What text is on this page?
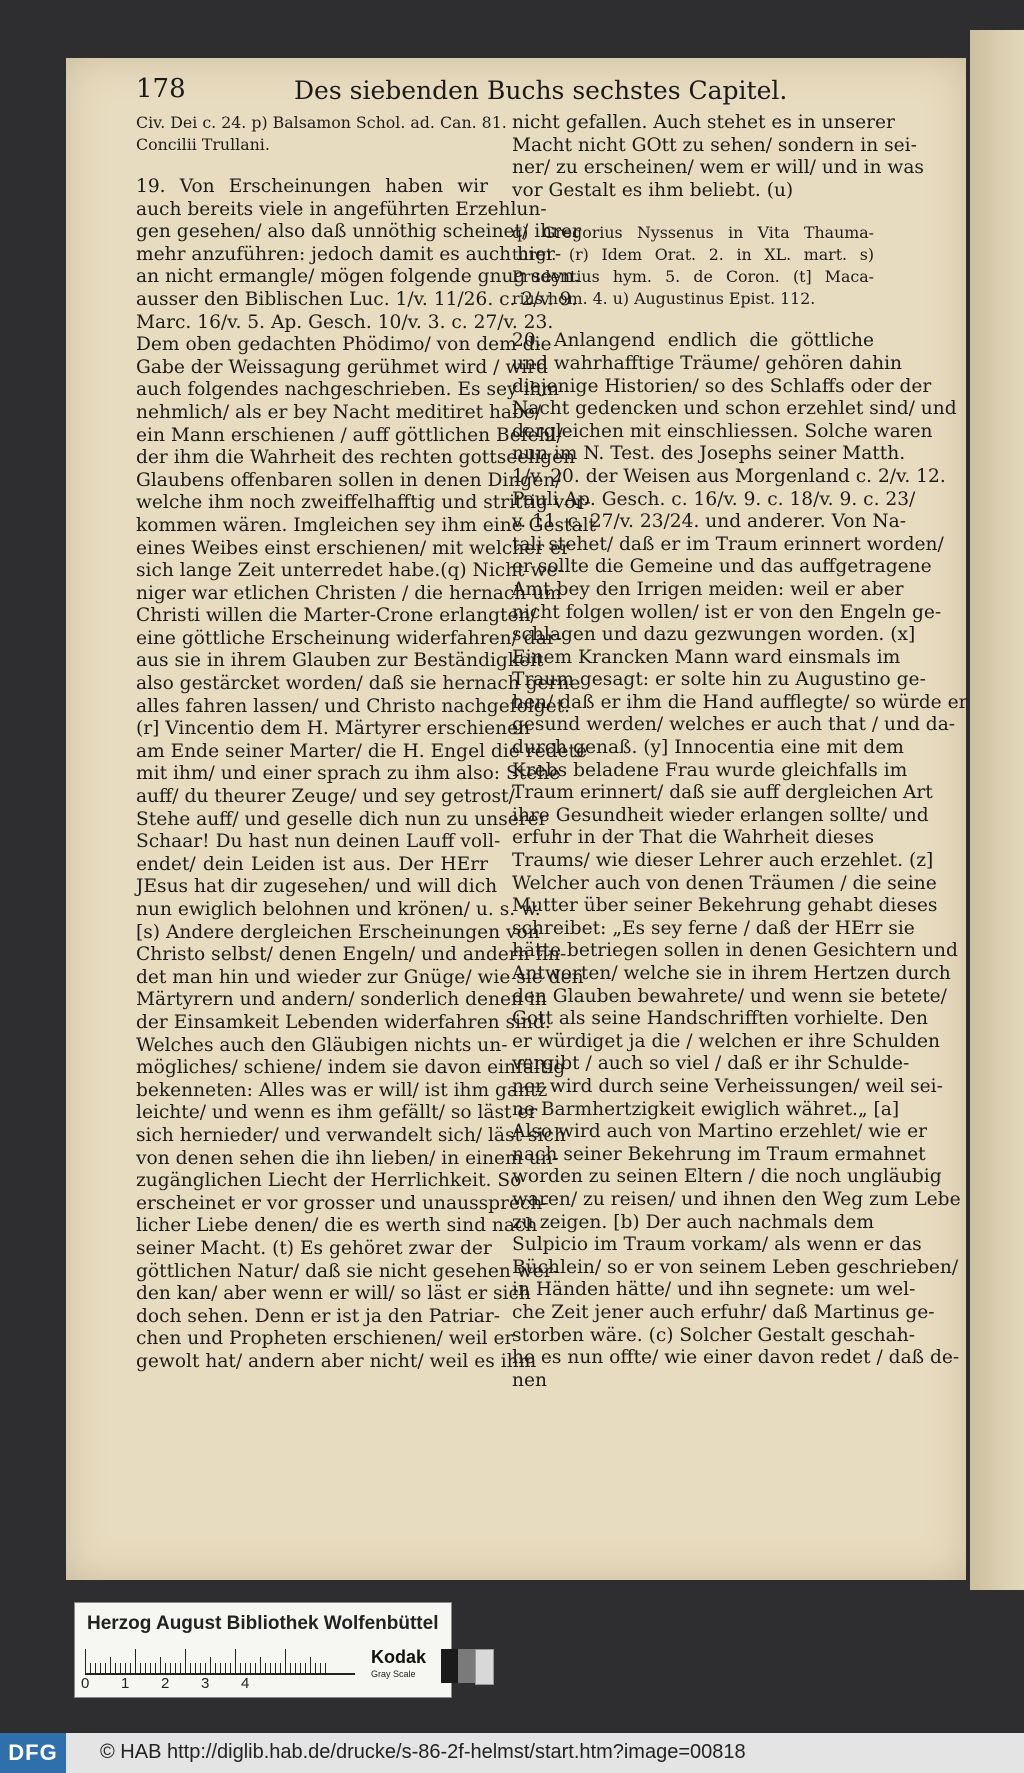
178	Des siebenden Buchs sechstes Capitel.
Civ. Dei c. 24. p) Balsamon Schol. ad. Can. 81.
Concilii Trullani.
19. Von Erscheinungen haben wir
auch bereits viele in angeführten Erzehlun-
gen gesehen/ also daß unnöthig scheinet/ ihrer
mehr anzuführen: jedoch damit es auch hier-
an nicht ermangle/ mögen folgende gnug seyn.
ausser den Biblischen Luc. 1/v. 11/26. c. 2/v. 9.
Marc. 16/v. 5. Ap. Gesch. 10/v. 3. c. 27/v. 23.
Dem oben gedachten Phödimo/ von dem die
Gabe der Weissagung gerühmet wird / wird
auch folgendes nachgeschrieben. Es sey ihm
nehmlich/ als er bey Nacht meditiret habe/
ein Mann erschienen / auff göttlichen Befehl/
der ihm die Wahrheit des rechten gottseeligen
Glaubens offenbaren sollen in denen Dingen/
welche ihm noch zweiffelhafftig und strittig vor-
kommen wären. Imgleichen sey ihm eine Gestalt
eines Weibes einst erschienen/ mit welcher er
sich lange Zeit unterredet habe.(q) Nicht we-
niger war etlichen Christen / die hernach um
Christi willen die Marter-Crone erlangten/
eine göttliche Erscheinung widerfahren/ dar-
aus sie in ihrem Glauben zur Beständigkeit
also gestärcket worden/ daß sie hernach gerne
alles fahren lassen/ und Christo nachgefolget.
(r] Vincentio dem H. Märtyrer erschienen
am Ende seiner Marter/ die H. Engel die redete
mit ihm/ und einer sprach zu ihm also: Stehe
auff/ du theurer Zeuge/ und sey getrost/
Stehe auff/ und geselle dich nun zu unserer
Schaar! Du hast nun deinen Lauff voll-
endet/ dein Leiden ist aus. Der HErr
JEsus hat dir zugesehen/ und will dich
nun ewiglich belohnen und krönen/ u. s. w.
[s) Andere dergleichen Erscheinungen von
Christo selbst/ denen Engeln/ und andern fin-
det man hin und wieder zur Gnüge/ wie sie den
Märtyrern und andern/ sonderlich denen in
der Einsamkeit Lebenden widerfahren sind.
Welches auch den Gläubigen nichts un-
mögliches/ schiene/ indem sie davon einfältig
bekenneten: Alles was er will/ ist ihm gantz
leichte/ und wenn es ihm gefällt/ so läst er
sich hernieder/ und verwandelt sich/ läst sich
von denen sehen die ihn lieben/ in einem un-
zugänglichen Liecht der Herrlichkeit. So
erscheinet er vor grosser und unaussprech-
licher Liebe denen/ die es werth sind nach
seiner Macht. (t) Es gehöret zwar der
göttlichen Natur/ daß sie nicht gesehen wer-
den kan/ aber wenn er will/ so läst er sich
doch sehen. Denn er ist ja den Patriar-
chen und Propheten erschienen/ weil er
gewolt hat/ andern aber nicht/ weil es ihm
nicht gefallen. Auch stehet es in unserer
Macht nicht GOtt zu sehen/ sondern in sei-
ner/ zu erscheinen/ wem er will/ und in was
vor Gestalt es ihm beliebt. (u)
q) Gregorius Nyssenus in Vita Thauma-
turgi. (r) Idem Orat. 2. in XL. mart. s)
Prudentius hym. 5. de Coron. (t] Maca-
rius hom. 4. u) Augustinus Epist. 112.
20. Anlangend endlich die göttliche
und wahrhafftige Träume/ gehören dahin
diejenige Historien/ so des Schlaffs oder der
Nacht gedencken und schon erzehlet sind/ und
dergleichen mit einschliessen. Solche waren
nun im N. Test. des Josephs seiner Matth.
1/v. 20. der Weisen aus Morgenland c. 2/v. 12.
Pauli Ap. Gesch. c. 16/v. 9. c. 18/v. 9. c. 23/
v. 11. c. 27/v. 23/24. und anderer. Von Na-
tali stehet/ daß er im Traum erinnert worden/
er sollte die Gemeine und das auffgetragene
Amt bey den Irrigen meiden: weil er aber
nicht folgen wollen/ ist er von den Engeln ge-
schlagen und dazu gezwungen worden. (x]
Einem Krancken Mann ward einsmals im
Traum gesagt: er solte hin zu Augustino ge-
hen/ daß er ihm die Hand aufflegte/ so würde er
gesund werden/ welches er auch that / und da-
durch genaß. (y] Innocentia eine mit dem
Krebs beladene Frau wurde gleichfalls im
Traum erinnert/ daß sie auff dergleichen Art
ihre Gesundheit wieder erlangen sollte/ und
erfuhr in der That die Wahrheit dieses
Traums/ wie dieser Lehrer auch erzehlet. (z]
Welcher auch von denen Träumen / die seine
Mutter über seiner Bekehrung gehabt dieses
schreibet: „Es sey ferne / daß der HErr sie
hätte betriegen sollen in denen Gesichtern und
Antworten/ welche sie in ihrem Hertzen durch
den Glauben bewahrete/ und wenn sie betete/
Gott als seine Handschrifften vorhielte. Den
er würdiget ja die / welchen er ihre Schulden
vergibt / auch so viel / daß er ihr Schulde-
ner wird durch seine Verheissungen/ weil sei-
ne Barmhertzigkeit ewiglich währet.„ [a]
Also wird auch von Martino erzehlet/ wie er
nach seiner Bekehrung im Traum ermahnet
worden zu seinen Eltern / die noch ungläubig
waren/ zu reisen/ und ihnen den Weg zum Lebe
zu zeigen. [b) Der auch nachmals dem
Sulpicio im Traum vorkam/ als wenn er das
Büchlein/ so er von seinem Leben geschrieben/
in Händen hätte/ und ihn segnete: um wel-
che Zeit jener auch erfuhr/ daß Martinus ge-
storben wäre. (c) Solcher Gestalt geschah-
he es nun offte/ wie einer davon redet / daß de-
nen
Herzog August Bibliothek Wolfenbüttel
0 1 2 3 4
Kodak
Gray Scale
DFG	© HAB http://diglib.hab.de/drucke/s-86-2f-helmst/start.htm?image=00818
